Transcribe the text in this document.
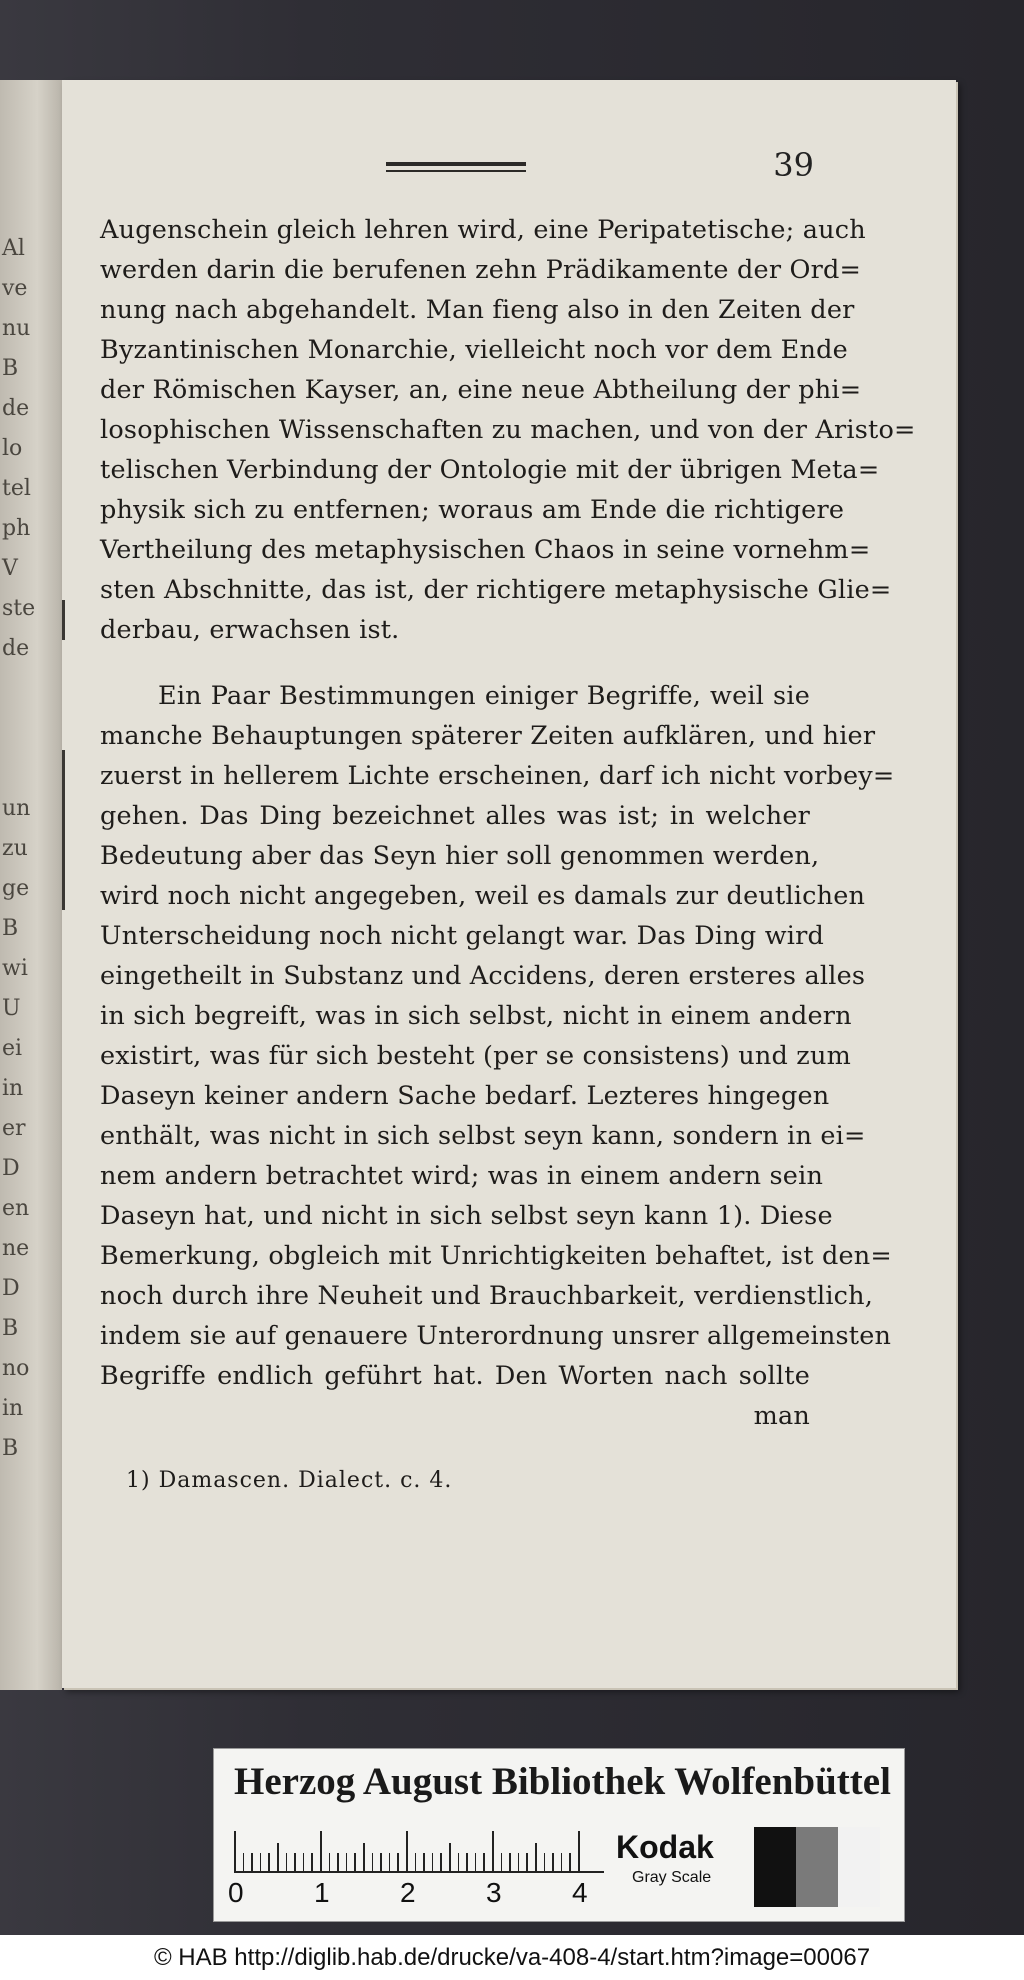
Al
ve
nu
B
de
lo
tel
ph
V
ste
de
un
zu
ge
B
wi
U
ei
in
er
D
en
ne
D
B
no
in
B
39
Augenschein gleich lehren wird, eine Peripatetische; auch
werden darin die berufenen zehn Prädikamente der Ord=
nung nach abgehandelt. Man fieng also in den Zeiten der
Byzantinischen Monarchie, vielleicht noch vor dem Ende
der Römischen Kayser, an, eine neue Abtheilung der phi=
losophischen Wissenschaften zu machen, und von der Aristo=
telischen Verbindung der Ontologie mit der übrigen Meta=
physik sich zu entfernen; woraus am Ende die richtigere
Vertheilung des metaphysischen Chaos in seine vornehm=
sten Abschnitte, das ist, der richtigere metaphysische Glie=
derbau, erwachsen ist.
Ein Paar Bestimmungen einiger Begriffe, weil sie
manche Behauptungen späterer Zeiten aufklären, und hier
zuerst in hellerem Lichte erscheinen, darf ich nicht vorbey=
gehen. Das Ding bezeichnet alles was ist; in welcher
Bedeutung aber das Seyn hier soll genommen werden,
wird noch nicht angegeben, weil es damals zur deutlichen
Unterscheidung noch nicht gelangt war. Das Ding wird
eingetheilt in Substanz und Accidens, deren ersteres alles
in sich begreift, was in sich selbst, nicht in einem andern
existirt, was für sich besteht (per se consistens) und zum
Daseyn keiner andern Sache bedarf. Lezteres hingegen
enthält, was nicht in sich selbst seyn kann, sondern in ei=
nem andern betrachtet wird; was in einem andern sein
Daseyn hat, und nicht in sich selbst seyn kann 1). Diese
Bemerkung, obgleich mit Unrichtigkeiten behaftet, ist den=
noch durch ihre Neuheit und Brauchbarkeit, verdienstlich,
indem sie auf genauere Unterordnung unsrer allgemeinsten
Begriffe endlich geführt hat. Den Worten nach sollte
man
1) Damascen. Dialect. c. 4.
Herzog August Bibliothek Wolfenbüttel
0	1	2	3	4
Kodak
Gray Scale
© HAB http://diglib.hab.de/drucke/va-408-4/start.htm?image=00067
